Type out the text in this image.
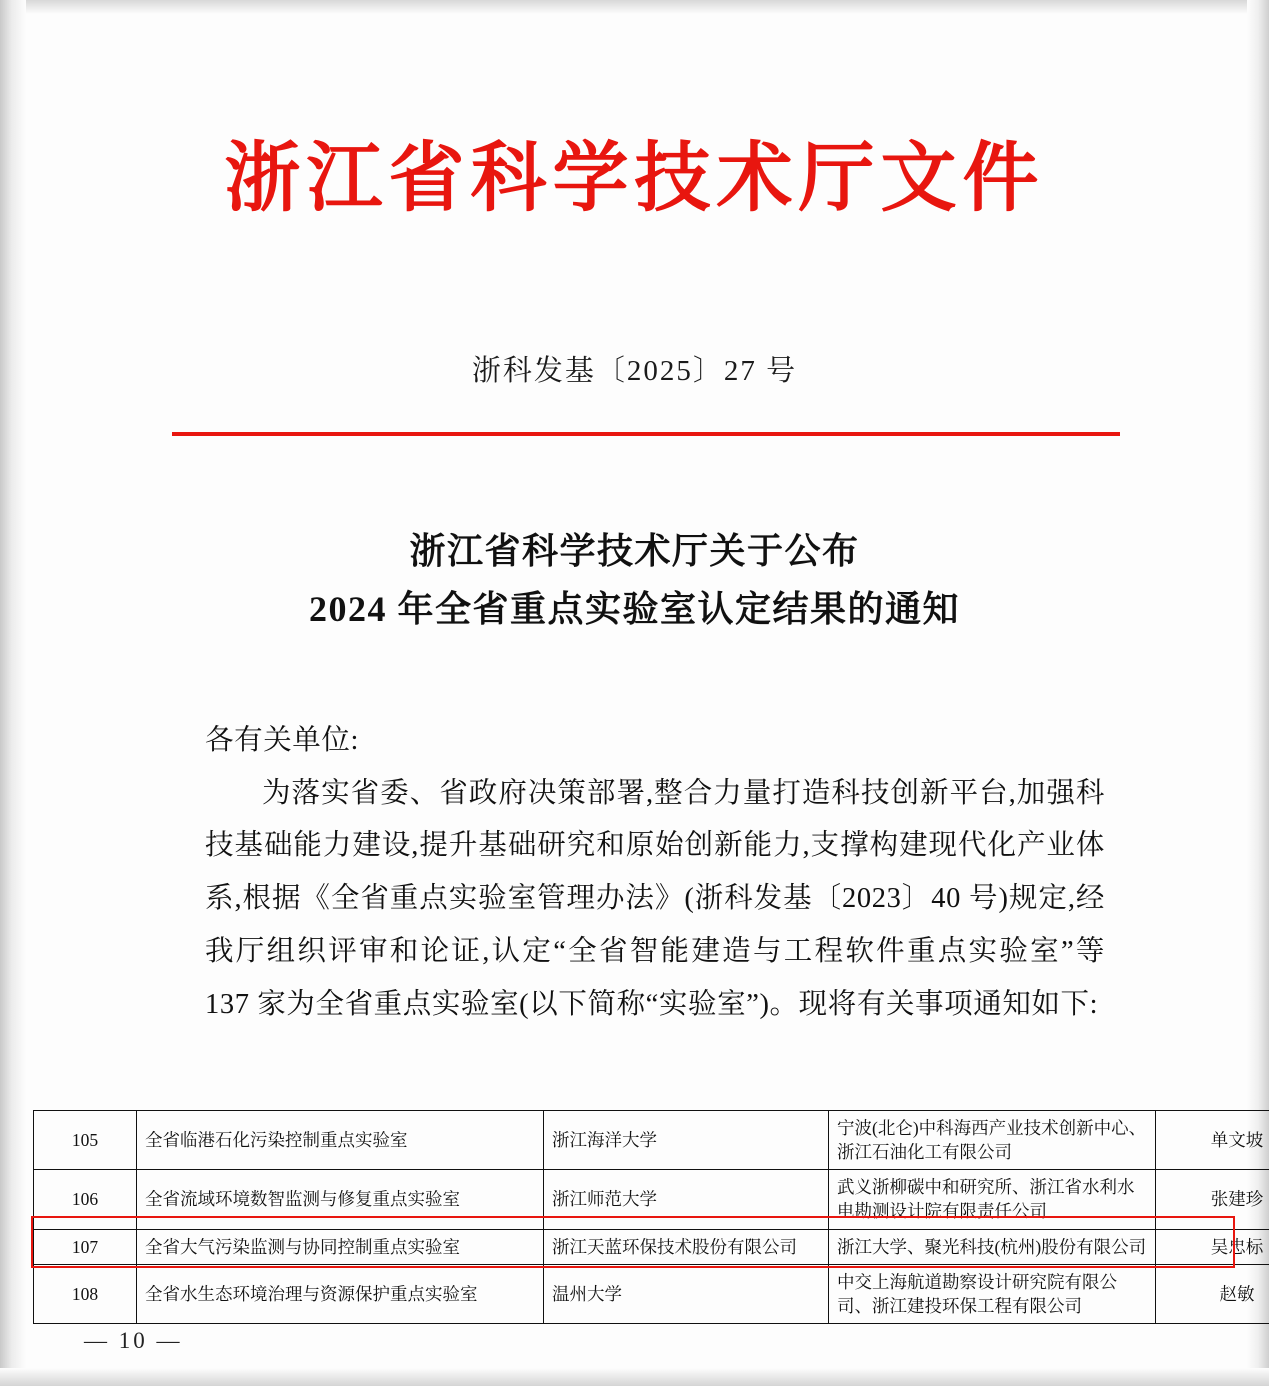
浙江省科学技术厅文件
浙科发基〔2025〕27 号
浙江省科学技术厅关于公布
2024 年全省重点实验室认定结果的通知

各有关单位:

为落实省委、省政府决策部署,整合力量打造科技创新平台,加强科技基础能力建设,提升基础研究和原始创新能力,支撑构建现代化产业体系,根据《全省重点实验室管理办法》(浙科发基〔2023〕40 号)规定,经我厅组织评审和论证,认定“全省智能建造与工程软件重点实验室”等 137 家为全省重点实验室(以下简称“实验室”)。现将有关事项通知如下:

105	全省临港石化污染控制重点实验室	浙江海洋大学	宁波(北仑)中科海西产业技术创新中心、浙江石油化工有限公司	单文坡
106	全省流域环境数智监测与修复重点实验室	浙江师范大学	武义浙柳碳中和研究所、浙江省水利水电勘测设计院有限责任公司	张建珍
107	全省大气污染监测与协同控制重点实验室	浙江天蓝环保技术股份有限公司	浙江大学、聚光科技(杭州)股份有限公司	吴忠标
108	全省水生态环境治理与资源保护重点实验室	温州大学	中交上海航道勘察设计研究院有限公司、浙江建投环保工程有限公司	赵敏
— 10 —
